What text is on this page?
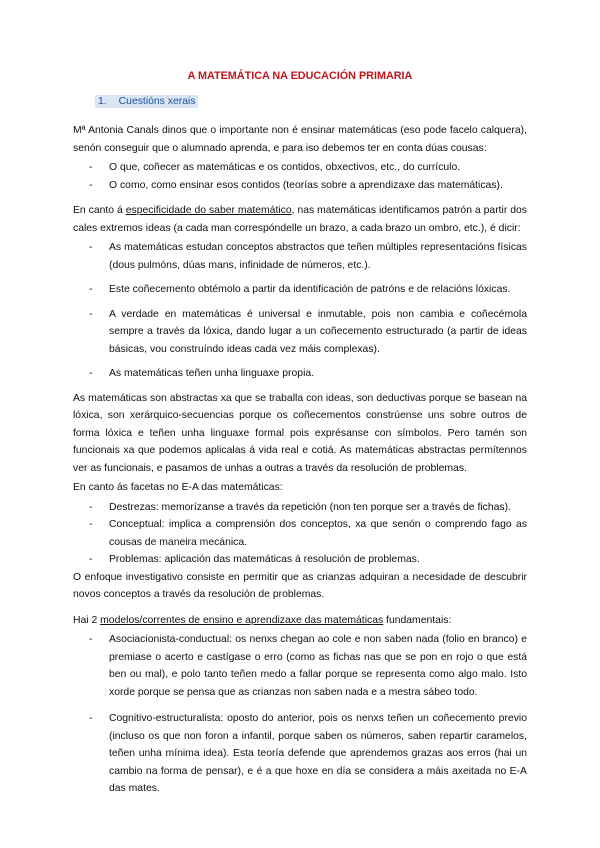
A MATEMÁTICA NA EDUCACIÓN PRIMARIA
1. Cuestións xerais

Mª Antonia Canals dinos que o importante non é ensinar matemáticas (eso pode facelo calquera), senón conseguir que o alumnado aprenda, e para iso debemos ter en conta dúas cousas:

- O que, coñecer as matemáticas e os contidos, obxectivos, etc., do currículo.
- O como, como ensinar esos contidos (teorías sobre a aprendizaxe das matemáticas).

En canto á especificidade do saber matemático, nas matemáticas identificamos patrón a partir dos cales extremos ideas (a cada man correspóndelle un brazo, a cada brazo un ombro, etc.), é dicir:

- As matemáticas estudan conceptos abstractos que teñen múltiples representacións físicas (dous pulmóns, dúas mans, infinidade de números, etc.).
- Este coñecemento obtémolo a partir da identificación de patróns e de relacións lóxicas.
- A verdade en matemáticas é universal e inmutable, pois non cambia e coñecémola sempre a través da lóxica, dando lugar a un coñecemento estructurado (a partir de ideas básicas, vou construíndo ideas cada vez máis complexas).
- As matemáticas teñen unha linguaxe propia.

As matemáticas son abstractas xa que se traballa con ideas, son deductivas porque se basean na lóxica, son xerárquico-secuencias porque os coñecementos constrúense uns sobre outros de forma lóxica e teñen unha linguaxe formal pois exprésanse con símbolos. Pero tamén son funcionais xa que podemos aplicalas á vida real e cotiá. As matemáticas abstractas permítennos ver as funcionais, e pasamos de unhas a outras a través da resolución de problemas.

En canto ás facetas no E-A das matemáticas:

- Destrezas: memorízanse a través da repetición (non ten porque ser a través de fichas).
- Conceptual: implica a comprensión dos conceptos, xa que senón o comprendo fago as cousas de maneira mecánica.
- Problemas: aplicación das matemáticas á resolución de problemas.

O enfoque investigativo consiste en permitir que as crianzas adquiran a necesidade de descubrir novos conceptos a través da resolución de problemas.

Hai 2 modelos/correntes de ensino e aprendizaxe das matemáticas fundamentais:

- Asociacionista-conductual: os nenxs chegan ao cole e non saben nada (folio en branco) e premiase o acerto e castígase o erro (como as fichas nas que se pon en rojo o que está ben ou mal), e polo tanto teñen medo a fallar porque se representa como algo malo. Isto xorde porque se pensa que as crianzas non saben nada e a mestra sábeo todo.
- Cognitivo-estructuralista: oposto do anterior, pois os nenxs teñen un coñecemento previo (incluso os que non foron a infantil, porque saben os números, saben repartir caramelos, teñen unha mínima idea). Esta teoría defende que aprendemos grazas aos erros (hai un cambio na forma de pensar), e é a que hoxe en día se considera a máis axeitada no E-A das mates.
